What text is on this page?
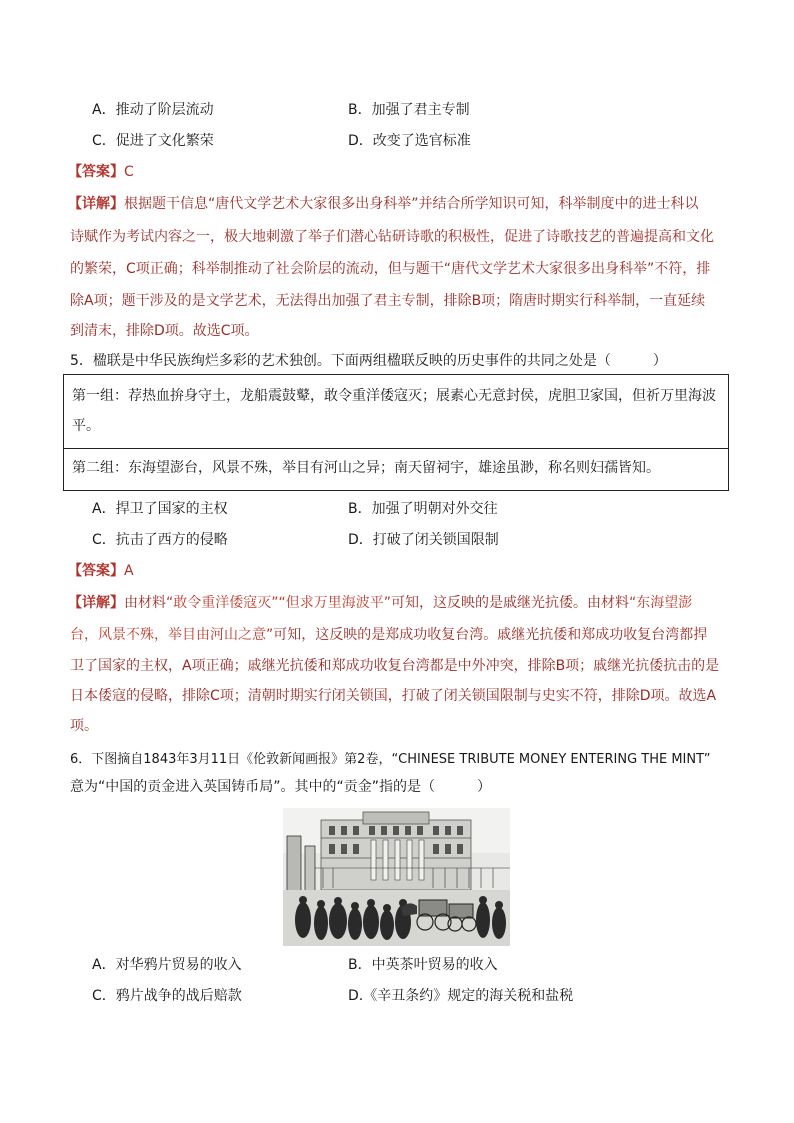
A．推动了阶层流动	B．加强了君主专制
C．促进了文化繁荣	D．改变了选官标准
【答案】C
【详解】根据题干信息“唐代文学艺术大家很多出身科举”并结合所学知识可知，科举制度中的进士科以
诗赋作为考试内容之一，极大地刺激了举子们潜心钻研诗歌的积极性，促进了诗歌技艺的普遍提高和文化
的繁荣，C项正确；科举制推动了社会阶层的流动，但与题干“唐代文学艺术大家很多出身科举”不符，排
除A项；题干涉及的是文学艺术，无法得出加强了君主专制，排除B项；隋唐时期实行科举制，一直延续
到清末，排除D项。故选C项。
5．楹联是中华民族绚烂多彩的艺术独创。下面两组楹联反映的历史事件的共同之处是（　　　）
第一组：荐热血拚身守土，龙船震鼓鼙，敢令重洋倭寇灭；展素心无意封侯，虎胆卫家国，但祈万里海波
平。
第二组：东海望澎台，风景不殊，举目有河山之异；南天留祠宇，雄途虽渺，称名则妇孺皆知。
A．捍卫了国家的主权	B．加强了明朝对外交往
C．抗击了西方的侵略	D．打破了闭关锁国限制
【答案】A
【详解】由材料“敢令重洋倭寇灭”“但求万里海波平”可知，这反映的是戚继光抗倭。由材料“东海望澎
台，风景不殊，举目由河山之意”可知，这反映的是郑成功收复台湾。戚继光抗倭和郑成功收复台湾都捍
卫了国家的主权，A项正确；戚继光抗倭和郑成功收复台湾都是中外冲突，排除B项；戚继光抗倭抗击的是
日本倭寇的侵略，排除C项；清朝时期实行闭关锁国，打破了闭关锁国限制与史实不符，排除D项。故选A
项。
6．下图摘自1843年3月11日《伦敦新闻画报》第2卷，“CHINESE TRIBUTE MONEY ENTERING THE MINT”
意为“中国的贡金进入英国铸币局”。其中的“贡金”指的是（　　　）
A．对华鸦片贸易的收入	B．中英茶叶贸易的收入
C．鸦片战争的战后赔款	D.《辛丑条约》规定的海关税和盐税
